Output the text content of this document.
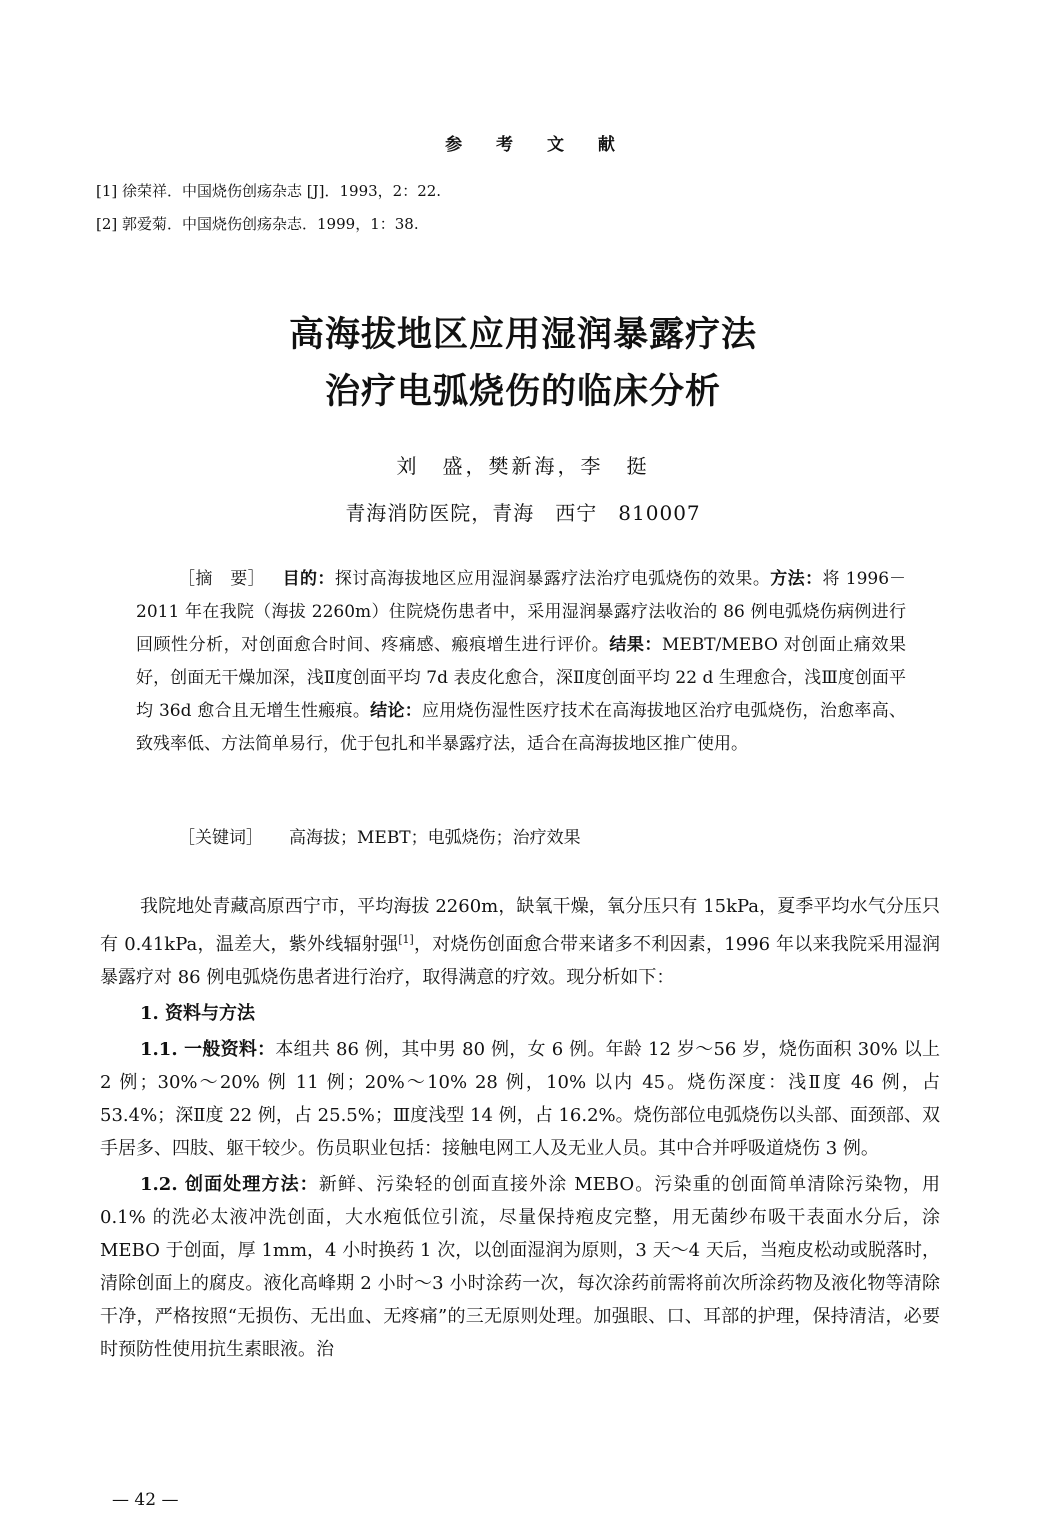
参 考 文 献
[1] 徐荣祥．中国烧伤创疡杂志 [J]．1993，2：22.
[2] 郭爱菊．中国烧伤创疡杂志．1999，1：38.
高海拔地区应用湿润暴露疗法
治疗电弧烧伤的临床分析
刘　盛，樊新海，李　挺
青海消防医院，青海　西宁　810007
［摘　要］ 目的：探讨高海拔地区应用湿润暴露疗法治疗电弧烧伤的效果。方法：将 1996－2011 年在我院（海拔 2260m）住院烧伤患者中，采用湿润暴露疗法收治的 86 例电弧烧伤病例进行回顾性分析，对创面愈合时间、疼痛感、瘢痕增生进行评价。结果：MEBT/MEBO 对创面止痛效果好，创面无干燥加深，浅Ⅱ度创面平均 7d 表皮化愈合，深Ⅱ度创面平均 22 d 生理愈合，浅Ⅲ度创面平均 36d 愈合且无增生性瘢痕。结论：应用烧伤湿性医疗技术在高海拔地区治疗电弧烧伤，治愈率高、致残率低、方法简单易行，优于包扎和半暴露疗法，适合在高海拔地区推广使用。
［关键词］ 高海拔；MEBT；电弧烧伤；治疗效果

我院地处青藏高原西宁市，平均海拔 2260m，缺氧干燥，氧分压只有 15kPa，夏季平均水气分压只有 0.41kPa，温差大，紫外线辐射强[1]，对烧伤创面愈合带来诸多不利因素，1996 年以来我院采用湿润暴露疗对 86 例电弧烧伤患者进行治疗，取得满意的疗效。现分析如下：

1. 资料与方法

1.1. 一般资料：本组共 86 例，其中男 80 例，女 6 例。年龄 12 岁～56 岁，烧伤面积 30% 以上 2 例；30%～20% 例 11 例；20%～10% 28 例，10% 以内 45。烧伤深度：浅Ⅱ度 46 例，占 53.4%；深Ⅱ度 22 例，占 25.5%；Ⅲ度浅型 14 例，占 16.2%。烧伤部位电弧烧伤以头部、面颈部、双手居多、四肢、躯干较少。伤员职业包括：接触电网工人及无业人员。其中合并呼吸道烧伤 3 例。

1.2. 创面处理方法：新鲜、污染轻的创面直接外涂 MEBO。污染重的创面简单清除污染物，用 0.1% 的洗必太液冲洗创面，大水疱低位引流，尽量保持疱皮完整，用无菌纱布吸干表面水分后，涂 MEBO 于创面，厚 1mm，4 小时换药 1 次，以创面湿润为原则，3 天～4 天后，当疱皮松动或脱落时，清除创面上的腐皮。液化高峰期 2 小时～3 小时涂药一次，每次涂药前需将前次所涂药物及液化物等清除干净，严格按照“无损伤、无出血、无疼痛”的三无原则处理。加强眼、口、耳部的护理，保持清洁，必要时预防性使用抗生素眼液。治

— 42 —
